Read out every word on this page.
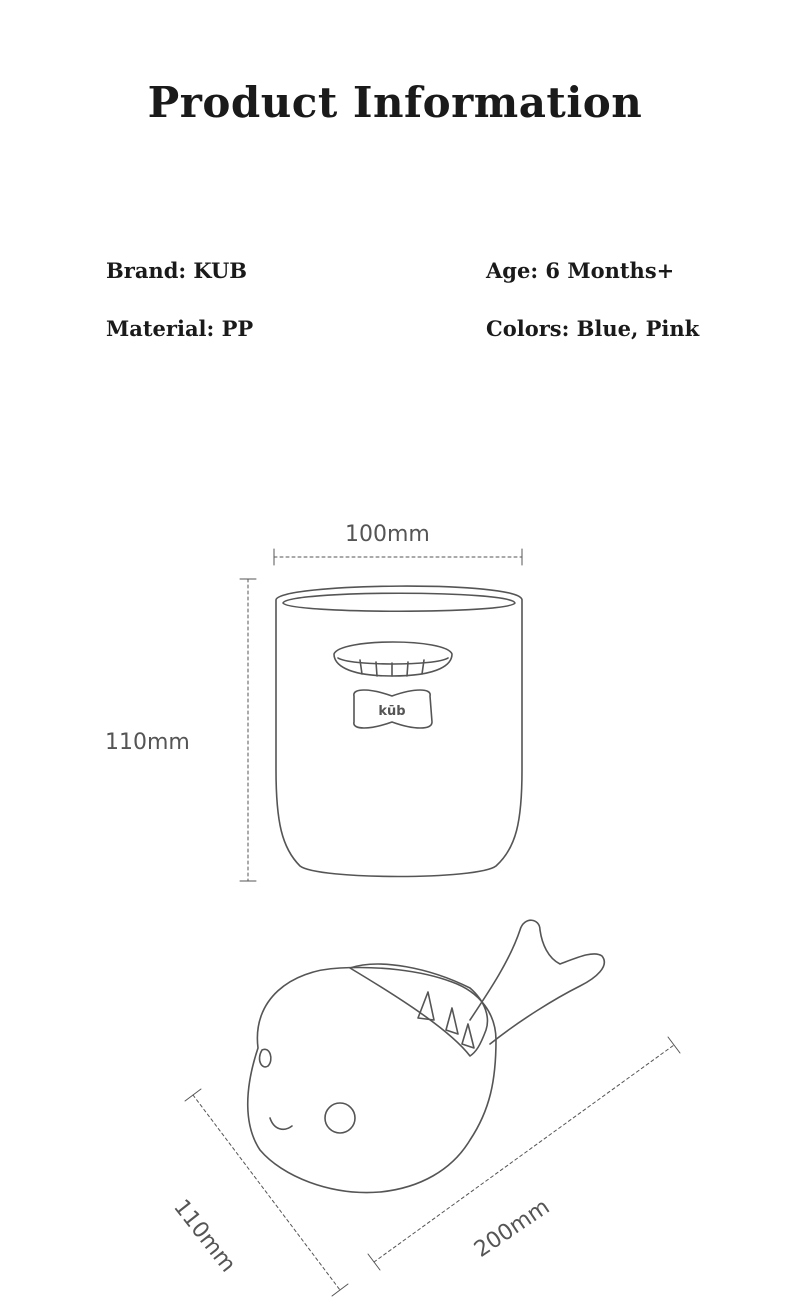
Product Information
Brand: KUB	Age: 6 Months+
Material: PP	Colors: Blue, Pink
kūb
100mm
110mm
110mm	200mm
